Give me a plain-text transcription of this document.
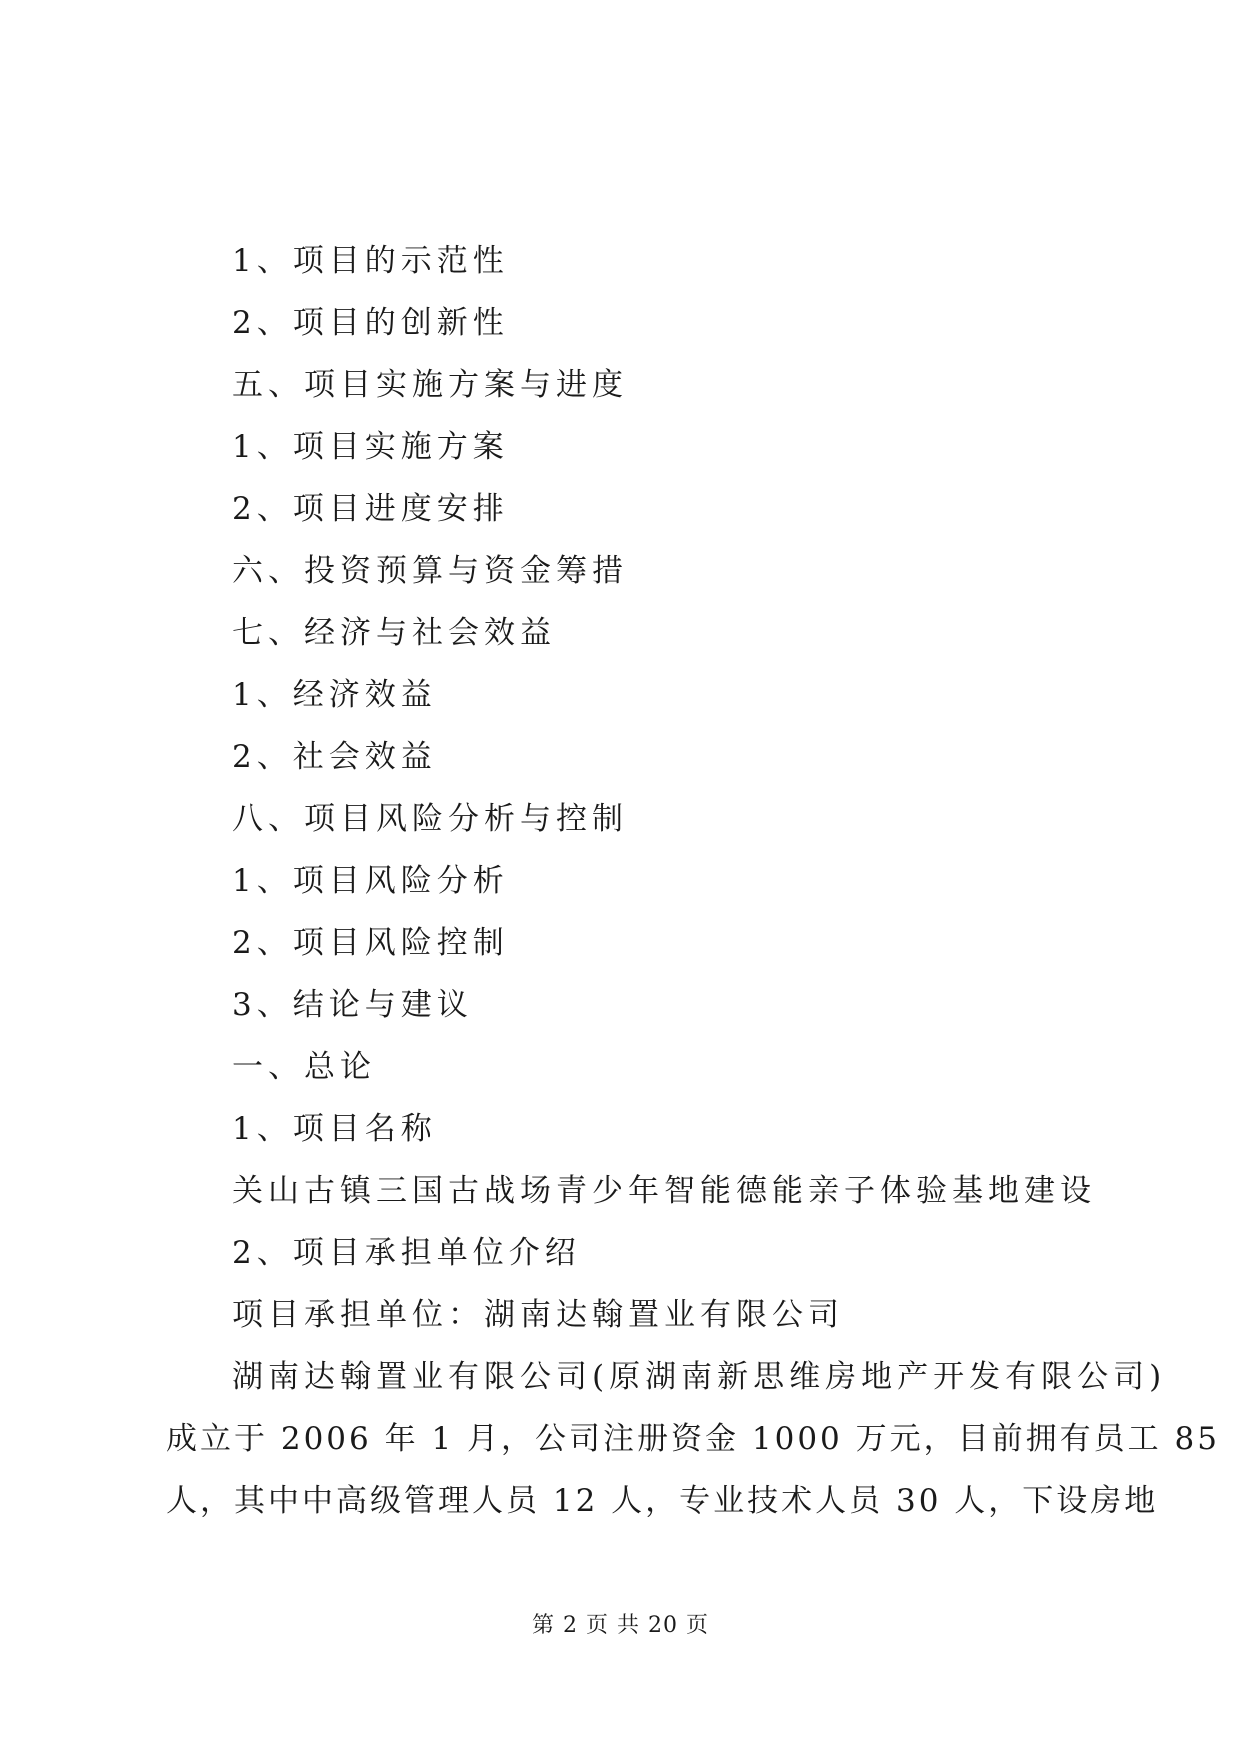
1、项目的示范性
2、项目的创新性
五、项目实施方案与进度
1、项目实施方案
2、项目进度安排
六、投资预算与资金筹措
七、经济与社会效益
1、经济效益
2、社会效益
八、项目风险分析与控制
1、项目风险分析
2、项目风险控制
3、结论与建议
一、总论
1、项目名称
关山古镇三国古战场青少年智能德能亲子体验基地建设
2、项目承担单位介绍
项目承担单位：湖南达翰置业有限公司
湖南达翰置业有限公司(原湖南新思维房地产开发有限公司)
成立于 2006 年 1 月，公司注册资金 1000 万元，目前拥有员工 85
人，其中中高级管理人员 12 人，专业技术人员 30 人，下设房地
第 2 页 共 20 页
